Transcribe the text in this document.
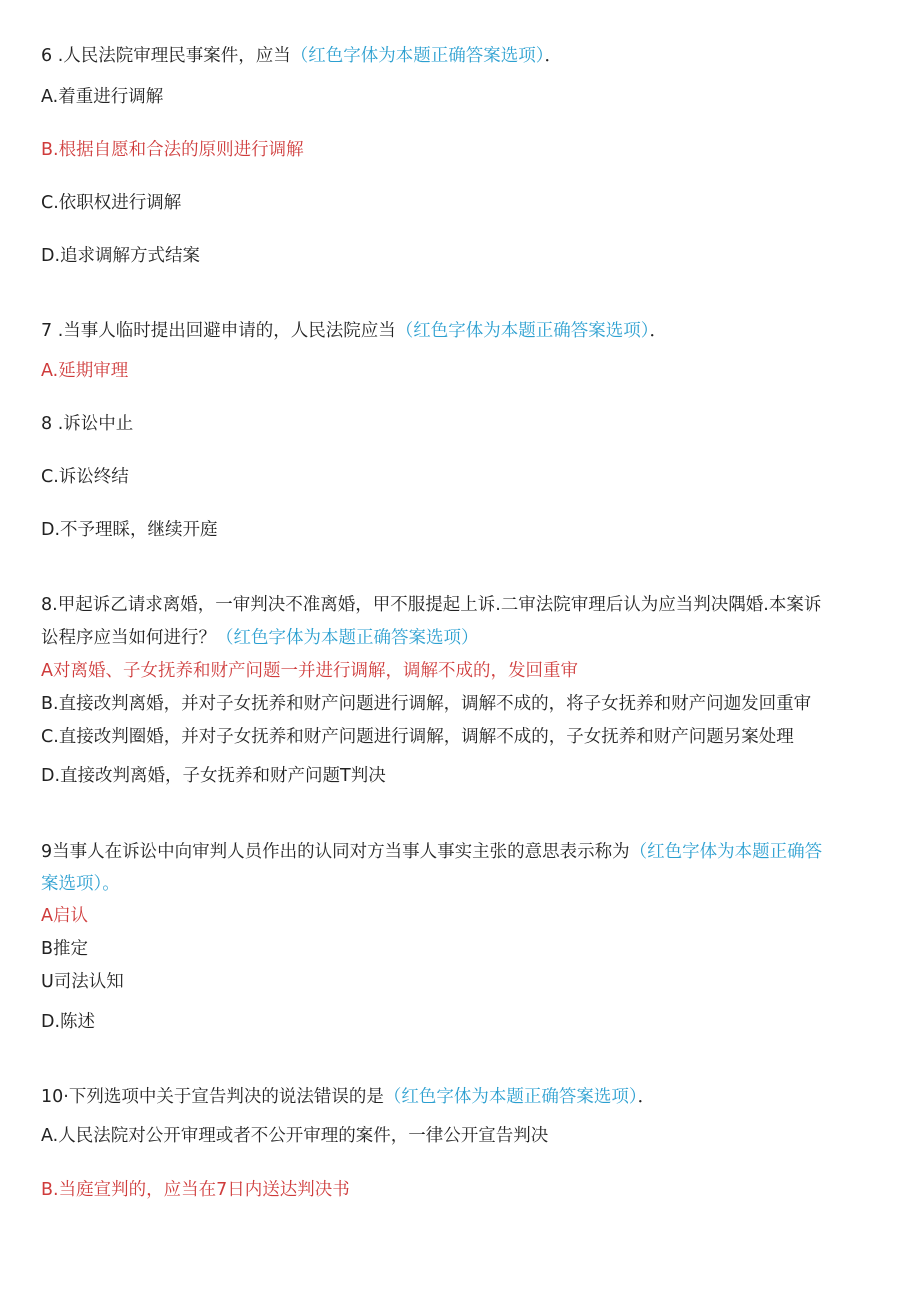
6 .人民法院审理民事案件，应当（红色字体为本题正确答案选项）．
A.着重进行调解
B.根据自愿和合法的原则进行调解
C.依职权进行调解
D.追求调解方式结案
7 .当事人临时提出回避申请的，人民法院应当（红色字体为本题正确答案选项）．
A.延期审理
8 .诉讼中止
C.诉讼终结
D.不予理睬，继续开庭
8.甲起诉乙请求离婚，一审判决不准离婚，甲不服提起上诉.二审法院审理后认为应当判决隅婚.本案诉
讼程序应当如何进行？（红色字体为本题正确答案选项）
A对离婚、子女抚养和财产问题一并进行调解，调解不成的，发回重审
B.直接改判离婚，并对子女抚养和财产问题进行调解，调解不成的，将子女抚养和财产问迦发回重审
C.直接改判圈婚，并对子女抚养和财产问题进行调解，调解不成的，子女抚养和财产问题另案处理
D.直接改判离婚，子女抚养和财产问题T判决
9当事人在诉讼中向审判人员作出的认同对方当事人事实主张的意思表示称为（红色字体为本题正确答
案选项）。
A启认
B推定
U司法认知
D.陈述
10·下列选项中关于宣告判决的说法错误的是（红色字体为本题正确答案选项）．
A.人民法院对公开审理或者不公开审理的案件，一律公开宣告判决
B.当庭宣判的，应当在7日内送达判决书
